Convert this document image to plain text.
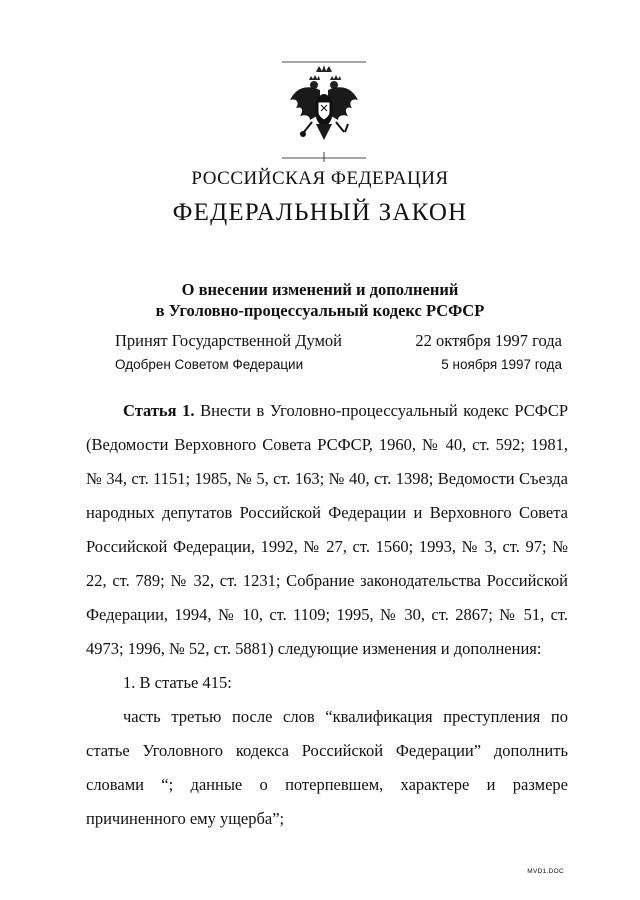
РОССИЙСКАЯ ФЕДЕРАЦИЯ
ФЕДЕРАЛЬНЫЙ ЗАКОН
О внесении изменений и дополнений
в Уголовно-процессуальный кодекс РСФСР
Принят Государственной Думой	22 октября 1997 года
Одобрен Советом Федерации	5 ноября 1997 года

Статья 1. Внести в Уголовно-процессуальный кодекс РСФСР (Ведомости Верховного Совета РСФСР, 1960, № 40, ст. 592; 1981, № 34, ст. 1151; 1985, № 5, ст. 163; № 40, ст. 1398; Ведомости Съезда народных депутатов Российской Федерации и Верховного Совета Российской Федерации, 1992, № 27, ст. 1560; 1993, № 3, ст. 97; № 22, ст. 789; № 32, ст. 1231; Собрание законодательства Российской Федерации, 1994, № 10, ст. 1109; 1995, № 30, ст. 2867; № 51, ст. 4973; 1996, № 52, ст. 5881) следующие изменения и дополнения:

1. В статье 415:

часть третью после слов “квалификация преступления по статье Уголовного кодекса Российской Федерации” дополнить словами “; данные о потерпевшем, характере и размере причиненного ему ущерба”;

MVD1.DOC
